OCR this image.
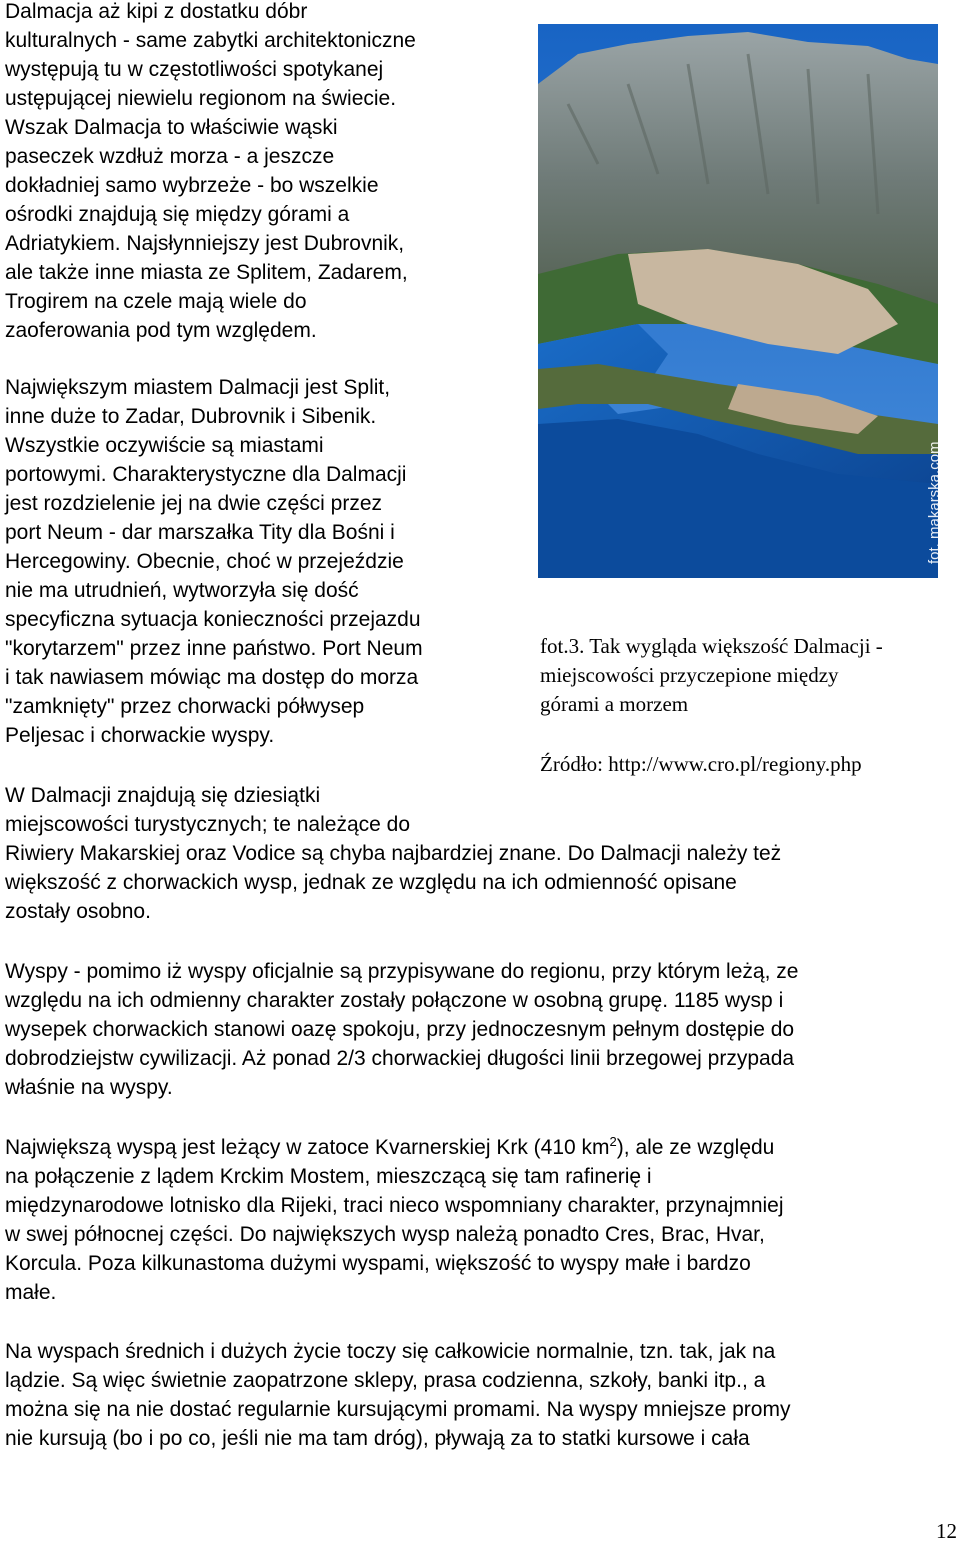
Dalmacja aż kipi z dostatku dóbr
kulturalnych - same zabytki architektoniczne
występują tu w częstotliwości spotykanej
ustępującej niewielu regionom na świecie.
Wszak Dalmacja to właściwie wąski
paseczek wzdłuż morza - a jeszcze
dokładniej samo wybrzeże - bo wszelkie
ośrodki znajdują się między górami a
Adriatykiem. Najsłynniejszy jest Dubrovnik,
ale także inne miasta ze Splitem, Zadarem,
Trogirem na czele mają wiele do
zaoferowania pod tym względem.

Największym miastem Dalmacji jest Split,
inne duże to Zadar, Dubrovnik i Sibenik.
Wszystkie oczywiście są miastami
portowymi. Charakterystyczne dla Dalmacji
jest rozdzielenie jej na dwie części przez
port Neum - dar marszałka Tity dla Bośni i
Hercegowiny. Obecnie, choć w przejeździe
nie ma utrudnień, wytworzyła się dość
specyficzna sytuacja konieczności przejazdu
"korytarzem" przez inne państwo. Port Neum
i tak nawiasem mówiąc ma dostęp do morza
"zamknięty" przez chorwacki półwysep
Peljesac i chorwackie wyspy.

W Dalmacji znajdują się dziesiątki
miejscowości turystycznych; te należące do
Riwiery Makarskiej oraz Vodice są chyba najbardziej znane. Do Dalmacji należy też
większość z chorwackich wysp, jednak ze względu na ich odmienność opisane
zostały osobno.

Wyspy - pomimo iż wyspy oficjalnie są przypisywane do regionu, przy którym leżą, ze
względu na ich odmienny charakter zostały połączone w osobną grupę. 1185 wysp i
wysepek chorwackich stanowi oazę spokoju, przy jednoczesnym pełnym dostępie do
dobrodziejstw cywilizacji. Aż ponad 2/3 chorwackiej długości linii brzegowej przypada
właśnie na wyspy.

Największą wyspą jest leżący w zatoce Kvarnerskiej Krk (410 $km^2$), ale ze względu
na połączenie z lądem Krckim Mostem, mieszczącą się tam rafinerię i
międzynarodowe lotnisko dla Rijeki, traci nieco wspomniany charakter, przynajmniej
w swej północnej części. Do największych wysp należą ponadto Cres, Brac, Hvar,
Korcula. Poza kilkunastoma dużymi wyspami, większość to wyspy małe i bardzo
małe.

Na wyspach średnich i dużych życie toczy się całkowicie normalnie, tzn. tak, jak na
lądzie. Są więc świetnie zaopatrzone sklepy, prasa codzienna, szkoły, banki itp., a
można się na nie dostać regularnie kursującymi promami. Na wyspy mniejsze promy
nie kursują (bo i po co, jeśli nie ma tam dróg), pływają za to statki kursowe i cała

fot. makarska.com

fot.3. Tak wygląda większość Dalmacji -
miejscowości przyczepione między
górami a morzem

Źródło: http://www.cro.pl/regiony.php

12
